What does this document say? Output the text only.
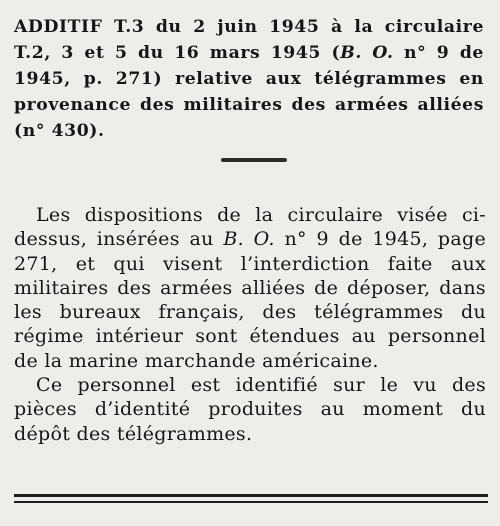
ADDITIF T.3 du 2 juin 1945 à la circulaire T.2, 3 et 5 du 16 mars 1945 (B. O. n° 9 de 1945, p. 271) relative aux télégrammes en provenance des militaires des armées alliées (n° 430).

Les dispositions de la circulaire visée ci-dessus, insérées au B. O. n° 9 de 1945, page 271, et qui visent l’interdiction faite aux militaires des armées alliées de déposer, dans les bureaux français, des télégrammes du régime intérieur sont étendues au personnel de la marine marchande américaine.

Ce personnel est identifié sur le vu des pièces d’identité produites au moment du dépôt des télégrammes.
